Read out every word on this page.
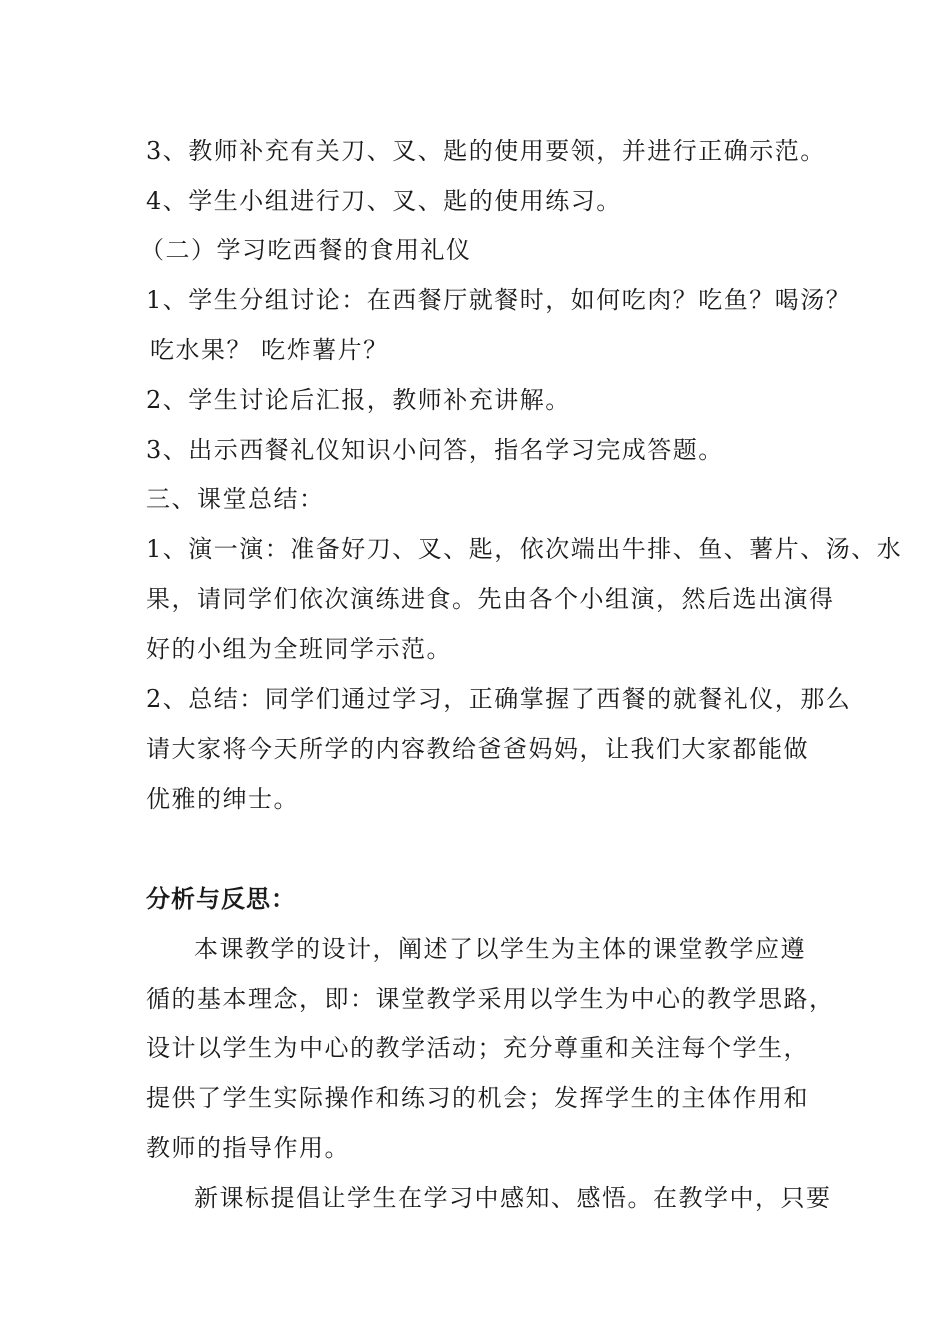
3、教师补充有关刀、叉、匙的使用要领，并进行正确示范。
4、学生小组进行刀、叉、匙的使用练习。
（二）学习吃西餐的食用礼仪
1、学生分组讨论：在西餐厅就餐时，如何吃肉？吃鱼？喝汤？
吃水果？ 吃炸薯片？
2、学生讨论后汇报，教师补充讲解。
3、出示西餐礼仪知识小问答，指名学习完成答题。
三、课堂总结：
1、演一演：准备好刀、叉、匙，依次端出牛排、鱼、薯片、汤、水
果，请同学们依次演练进食。先由各个小组演，然后选出演得
好的小组为全班同学示范。
2、总结：同学们通过学习，正确掌握了西餐的就餐礼仪，那么
请大家将今天所学的内容教给爸爸妈妈，让我们大家都能做
优雅的绅士。
分析与反思：
本课教学的设计，阐述了以学生为主体的课堂教学应遵
循的基本理念，即：课堂教学采用以学生为中心的教学思路，
设计以学生为中心的教学活动；充分尊重和关注每个学生，
提供了学生实际操作和练习的机会；发挥学生的主体作用和
教师的指导作用。
新课标提倡让学生在学习中感知、感悟。在教学中，只要
